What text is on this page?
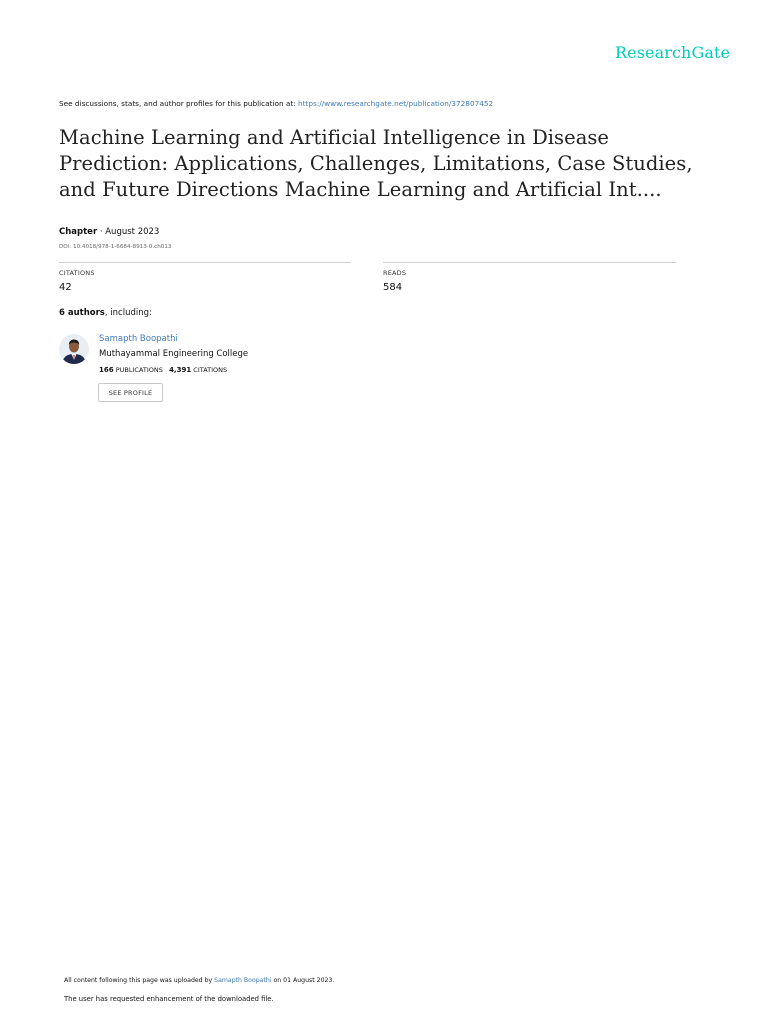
ResearchGate
See discussions, stats, and author profiles for this publication at: https://www.researchgate.net/publication/372807452
Machine Learning and Artificial Intelligence in Disease Prediction: Applications, Challenges, Limitations, Case Studies, and Future Directions Machine Learning and Artificial Int....
Chapter · August 2023
DOI: 10.4018/978-1-6684-8913-0.ch013
CITATIONS
42
READS
584
6 authors, including:
Samapth Boopathi
Muthayammal Engineering College
166 PUBLICATIONS 4,391 CITATIONS
SEE PROFILE
All content following this page was uploaded by Samapth Boopathi on 01 August 2023.
The user has requested enhancement of the downloaded file.
